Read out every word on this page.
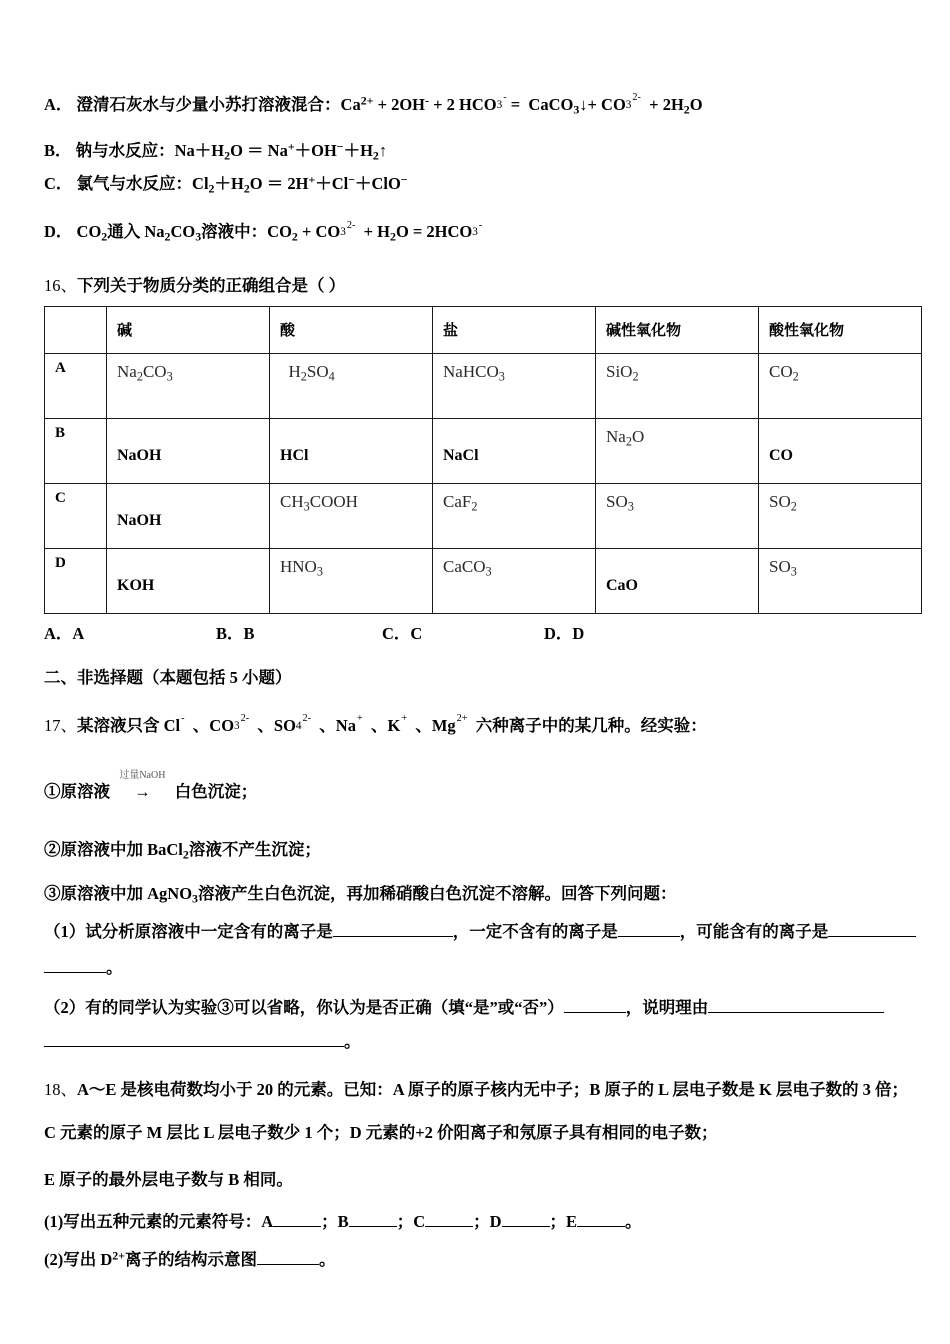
A． 澄清石灰水与少量小苏打溶液混合：$Ca^{2+} + 2OH^- + 2$ HCO3- =  CaCO$_3$↓+ $CO3^{2-} + 2H_2O$
B． 钠与水反应：$Na+H_2O$ ＝ $Na^++OH^-+H_2↑$
C． 氯气与水反应：$Cl_2+H_2O = 2H^++Cl^-+ClO^-$
D． $CO_2$通入 $Na_2CO_3$溶液中：$CO_2 + CO3^{2-} + H_2O = 2HCO3^-$
16、下列关于物质分类的正确组合是（ ）
	碱	酸	盐	碱性氧化物	酸性氧化物
A	$Na_2CO_3$	$H_2SO_4$	NaHCO$_3$	SiO$_2$	$CO_2$

B	NaOH	HCl	NaCl	$Na_2O$	CO

C	NaOH	$CH_3COOH$	CaF$_2$	$SO_3$	$SO_2$

D	KOH	$HNO_3$	CaCO$_3$	CaO	$SO_3$
A．A	B．B	C．C	D．D
二、非选择题（本题包括 5 小题）
17、某溶液只含 Cl-  、$CO3^{2-}$  、$SO4^{2-}$  、Na+  、K+  、$Mg^{2+}$ 六种离子中的某几种。经实验：
①原溶液
过量NaOH
→ 白色沉淀；
②原溶液中加 BaCl$_2$溶液不产生沉淀；
③原溶液中加 AgNO$_3$溶液产生白色沉淀，再加稀硝酸白色沉淀不溶解。回答下列问题：
（1）试分析原溶液中一定含有的离子是	，一定不含有的离子是	，可能含有的离子是
。
（2）有的同学认为实验③可以省略，你认为是否正确（填“是”或“否”）	，说明理由
。
18、A～E 是核电荷数均小于 20 的元素。已知：A 原子的原子核内无中子；B 原子的 L 层电子数是 K 层电子数的 3 倍；
C 元素的原子 M 层比 L 层电子数少 1 个；D 元素的+2 价阳离子和氖原子具有相同的电子数；
E 原子的最外层电子数与 B 相同。
(1)写出五种元素的元素符号：A	；B	；C	；D	；E	。
(2)写出 $D^{2+}$离子的结构示意图	。
